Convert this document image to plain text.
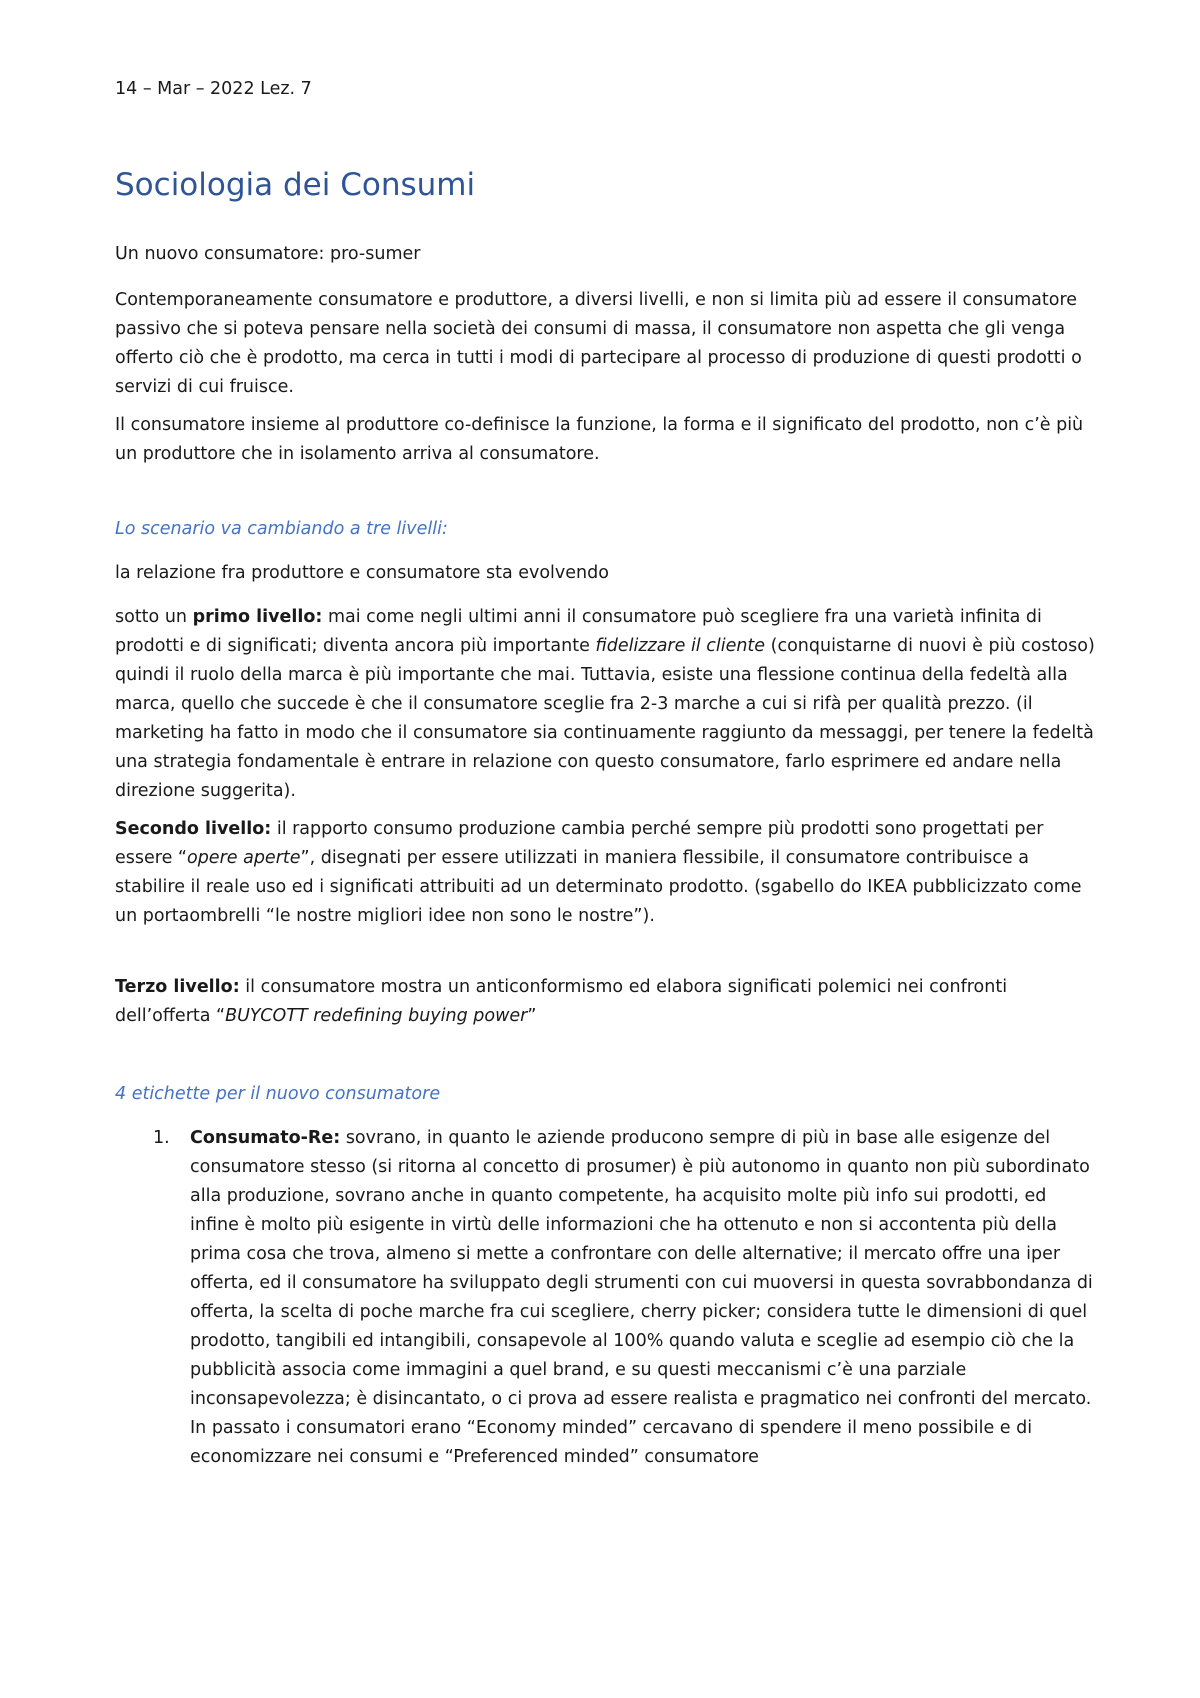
14 – Mar – 2022 Lez. 7
Sociologia dei Consumi

Un nuovo consumatore: pro-sumer

Contemporaneamente consumatore e produttore, a diversi livelli, e non si limita più ad essere il consumatore passivo che si poteva pensare nella società dei consumi di massa, il consumatore non aspetta che gli venga offerto ciò che è prodotto, ma cerca in tutti i modi di partecipare al processo di produzione di questi prodotti o servizi di cui fruisce.

Il consumatore insieme al produttore co-definisce la funzione, la forma e il significato del prodotto, non c’è più un produttore che in isolamento arriva al consumatore.

Lo scenario va cambiando a tre livelli:

la relazione fra produttore e consumatore sta evolvendo

sotto un primo livello: mai come negli ultimi anni il consumatore può scegliere fra una varietà infinita di prodotti e di significati; diventa ancora più importante fidelizzare il cliente (conquistarne di nuovi è più costoso) quindi il ruolo della marca è più importante che mai. Tuttavia, esiste una flessione continua della fedeltà alla marca, quello che succede è che il consumatore sceglie fra 2-3 marche a cui si rifà per qualità prezzo. (il marketing ha fatto in modo che il consumatore sia continuamente raggiunto da messaggi, per tenere la fedeltà una strategia fondamentale è entrare in relazione con questo consumatore, farlo esprimere ed andare nella direzione suggerita).

Secondo livello: il rapporto consumo produzione cambia perché sempre più prodotti sono progettati per essere “opere aperte”, disegnati per essere utilizzati in maniera flessibile, il consumatore contribuisce a stabilire il reale uso ed i significati attribuiti ad un determinato prodotto. (sgabello do IKEA pubblicizzato come un portaombrelli “le nostre migliori idee non sono le nostre”).

Terzo livello: il consumatore mostra un anticonformismo ed elabora significati polemici nei confronti dell’offerta “BUYCOTT redefining buying power”

4 etichette per il nuovo consumatore

1. Consumato-Re: sovrano, in quanto le aziende producono sempre di più in base alle esigenze del consumatore stesso (si ritorna al concetto di prosumer) è più autonomo in quanto non più subordinato alla produzione, sovrano anche in quanto competente, ha acquisito molte più info sui prodotti, ed infine è molto più esigente in virtù delle informazioni che ha ottenuto e non si accontenta più della prima cosa che trova, almeno si mette a confrontare con delle alternative; il mercato offre una iper offerta, ed il consumatore ha sviluppato degli strumenti con cui muoversi in questa sovrabbondanza di offerta, la scelta di poche marche fra cui scegliere, cherry picker; considera tutte le dimensioni di quel prodotto, tangibili ed intangibili, consapevole al 100% quando valuta e sceglie ad esempio ciò che la pubblicità associa come immagini a quel brand, e su questi meccanismi c’è una parziale inconsapevolezza; è disincantato, o ci prova ad essere realista e pragmatico nei confronti del mercato. In passato i consumatori erano “Economy minded” cercavano di spendere il meno possibile e di economizzare nei consumi e “Preferenced minded” consumatore
